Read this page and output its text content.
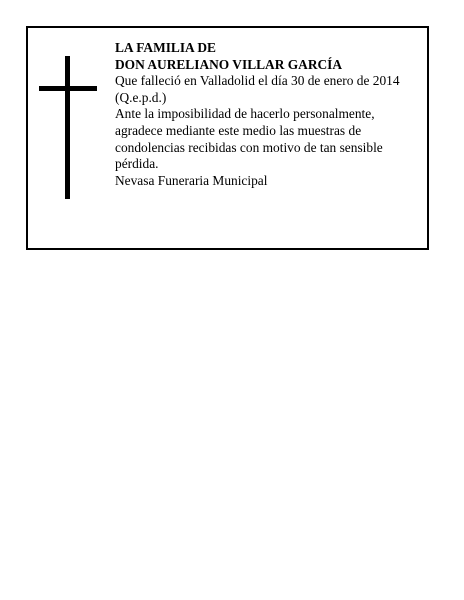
LA FAMILIA DE

DON AURELIANO VILLAR GARCÍA

Que falleció en Valladolid el día 30 de enero de 2014

(Q.e.p.d.)

Ante la imposibilidad de hacerlo personalmente, agradece mediante este medio las muestras de condolencias recibidas con motivo de tan sensible pérdida.

Nevasa Funeraria Municipal
